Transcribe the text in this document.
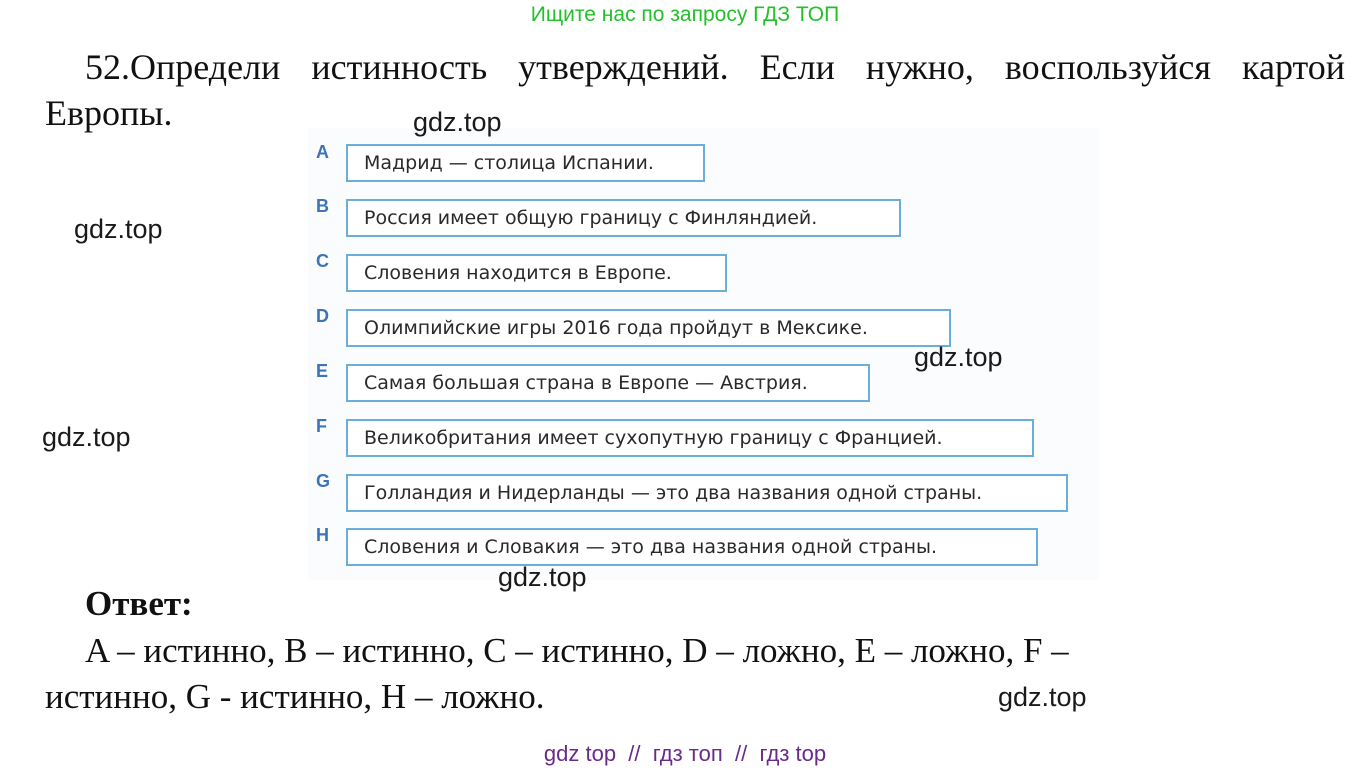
Ищите нас по запросу ГДЗ ТОП
52.Определи истинность утверждений. Если нужно, воспользуйся картой Европы.
A	Мадрид — столица Испании.
B
Россия имеет общую границу с Финляндией.
C
Словения находится в Европе.
D
Олимпийские игры 2016 года пройдут в Мексике.
E
Самая большая страна в Европе — Австрия.
F
Великобритания имеет сухопутную границу с Францией.
G
Голландия и Нидерланды — это два названия одной страны.
H
Словения и Словакия — это два названия одной страны.
gdz.top
gdz.top
gdz.top
gdz.top
gdz.top
gdz.top
Ответ:
A – истинно, B – истинно, C – истинно, D – ложно, E – ложно, F – истинно, G - истинно, H – ложно.
gdz top  //  гдз топ  //  гдз top
